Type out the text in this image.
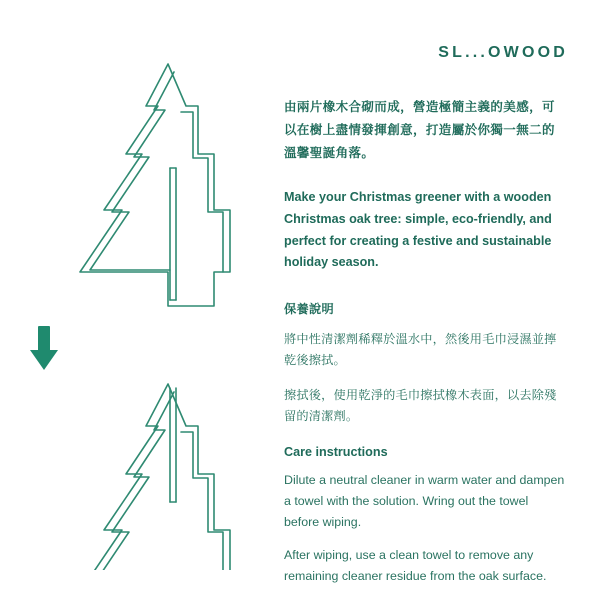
SL...OWOOD

由兩片橡木合砌而成，營造極簡主義的美感，可以在樹上盡情發揮創意，打造屬於你獨一無二的溫馨聖誕角落。

Make your Christmas greener with a wooden Christmas oak tree: simple, eco-friendly, and perfect for creating a festive and sustainable holiday season.

保養說明

將中性清潔劑稀釋於溫水中，然後用毛巾浸濕並擰乾後擦拭。

擦拭後，使用乾淨的毛巾擦拭橡木表面，以去除殘留的清潔劑。

Care instructions

Dilute a neutral cleaner in warm water and dampen a towel with the solution. Wring out the towel before wiping.

After wiping, use a clean towel to remove any remaining cleaner residue from the oak surface.
